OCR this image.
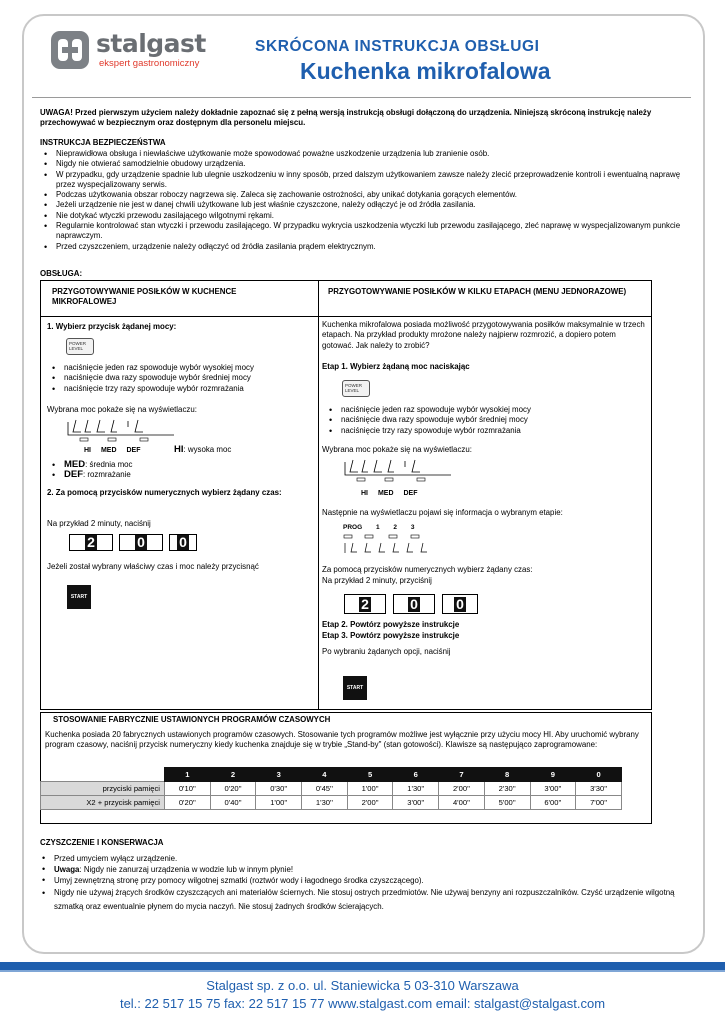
stalgast
ekspert gastronomiczny
SKRÓCONA INSTRUKCJA OBSŁUGI
Kuchenka mikrofalowa
UWAGA! Przed pierwszym użyciem należy dokładnie zapoznać się z pełną wersją instrukcją obsługi dołączoną do urządzenia. Niniejszą skróconą instrukcję należy przechowywać w bezpiecznym oraz dostępnym dla personelu miejscu.
INSTRUKCJA BEZPIECZEŃSTWA
• Nieprawidłowa obsługa i niewłaściwe użytkowanie może spowodować poważne uszkodzenie urządzenia lub zranienie osób.
• Nigdy nie otwierać samodzielnie obudowy urządzenia.
• W przypadku, gdy urządzenie spadnie lub ulegnie uszkodzeniu w inny sposób, przed dalszym użytkowaniem zawsze należy zlecić przeprowadzenie kontroli i ewentualną naprawę przez wyspecjalizowany serwis.
• Podczas użytkowania obszar roboczy nagrzewa się. Zaleca się zachowanie ostrożności, aby unikać dotykania gorących elementów.
• Jeżeli urządzenie nie jest w danej chwili użytkowane lub jest właśnie czyszczone, należy odłączyć je od źródła zasilania.
• Nie dotykać wtyczki przewodu zasilającego wilgotnymi rękami.
• Regularnie kontrolować stan wtyczki i przewodu zasilającego. W przypadku wykrycia uszkodzenia wtyczki lub przewodu zasilającego, zleć naprawę w wyspecjalizowanym punkcie naprawczym.
• Przed czyszczeniem, urządzenie należy odłączyć od źródła zasilania prądem elektrycznym.
OBSŁUGA:
PRZYGOTOWYWANIE POSIŁKÓW W KUCHENCE MIKROFALOWEJ
1. Wybierz przycisk żądanej mocy:
POWER LEVEL
• naciśnięcie jeden raz spowoduje wybór wysokiej mocy
• naciśnięcie dwa razy spowoduje wybór średniej mocy
• naciśnięcie trzy razy spowoduje wybór rozmrażania
Wybrana moc pokaże się na wyświetlaczu:
HI MED DEF	HI: wysoka moc
• MED: średnia moc
• DEF: rozmrażanie
2. Za pomocą przycisków numerycznych wybierz żądany czas:
Na przykład 2 minuty, naciśnij
2	0 0
Jeżeli został wybrany właściwy czas i moc należy przycisnąć
START
PRZYGOTOWYWANIE POSIŁKÓW W KILKU ETAPACH (MENU JEDNORAZOWE)
Kuchenka mikrofalowa posiada możliwość przygotowywania posiłków maksymalnie w trzech etapach. Na przykład produkty mrożone należy najpierw rozmrozić, a dopiero potem gotować. Jak należy to zrobić?
Etap 1. Wybierz żądaną moc naciskając
POWER LEVEL
• naciśnięcie jeden raz spowoduje wybór wysokiej mocy
• naciśnięcie dwa razy spowoduje wybór średniej mocy
• naciśnięcie trzy razy spowoduje wybór rozmrażania
Wybrana moc pokaże się na wyświetlaczu:
HI MED DEF
Następnie na wyświetlaczu pojawi się informacja o wybranym etapie:
PROG 1 2 3
Za pomocą przycisków numerycznych wybierz żądany czas:
Na przykład 2 minuty, przyciśnij
2	0	0
Etap 2. Powtórz powyższe instrukcje
Etap 3. Powtórz powyższe instrukcje
Po wybraniu żądanych opcji, naciśnij
START
STOSOWANIE FABRYCZNIE USTAWIONYCH PROGRAMÓW CZASOWYCH
Kuchenka posiada 20 fabrycznych ustawionych programów czasowych. Stosowanie tych programów możliwe jest wyłącznie przy użyciu mocy HI. Aby uruchomić wybrany program czasowy, naciśnij przycisk numeryczny kiedy kuchenka znajduje się w trybie „Stand-by" (stan gotowości). Klawisze są następująco zaprogramowane:
	1	2	3	4	5	6	7	8	9	0
przyciski pamięci	0'10''	0'20''	0'30''	0'45''	1'00''	1'30''	2'00''	2'30''	3'00''	3'30''
X2 + przycisk pamięci	0'20''	0'40''	1'00''	1'30''	2'00''	3'00''	4'00''	5'00''	6'00''	7'00''
CZYSZCZENIE I KONSERWACJA
• Przed umyciem wyłącz urządzenie.
• Uwaga: Nigdy nie zanurzaj urządzenia w wodzie lub w innym płynie!
• Umyj zewnętrzną stronę przy pomocy wilgotnej szmatki (roztwór wody i łagodnego środka czyszczącego).
• Nigdy nie używaj żrących środków czyszczących ani materiałów ściernych. Nie stosuj ostrych przedmiotów. Nie używaj benzyny ani rozpuszczalników. Czyść urządzenie wilgotną szmatką oraz ewentualnie płynem do mycia naczyń. Nie stosuj żadnych środków ścierających.
Stalgast sp. z o.o. ul. Staniewicka 5 03-310 Warszawa
tel.: 22 517 15 75 fax: 22 517 15 77 www.stalgast.com email: stalgast@stalgast.com
